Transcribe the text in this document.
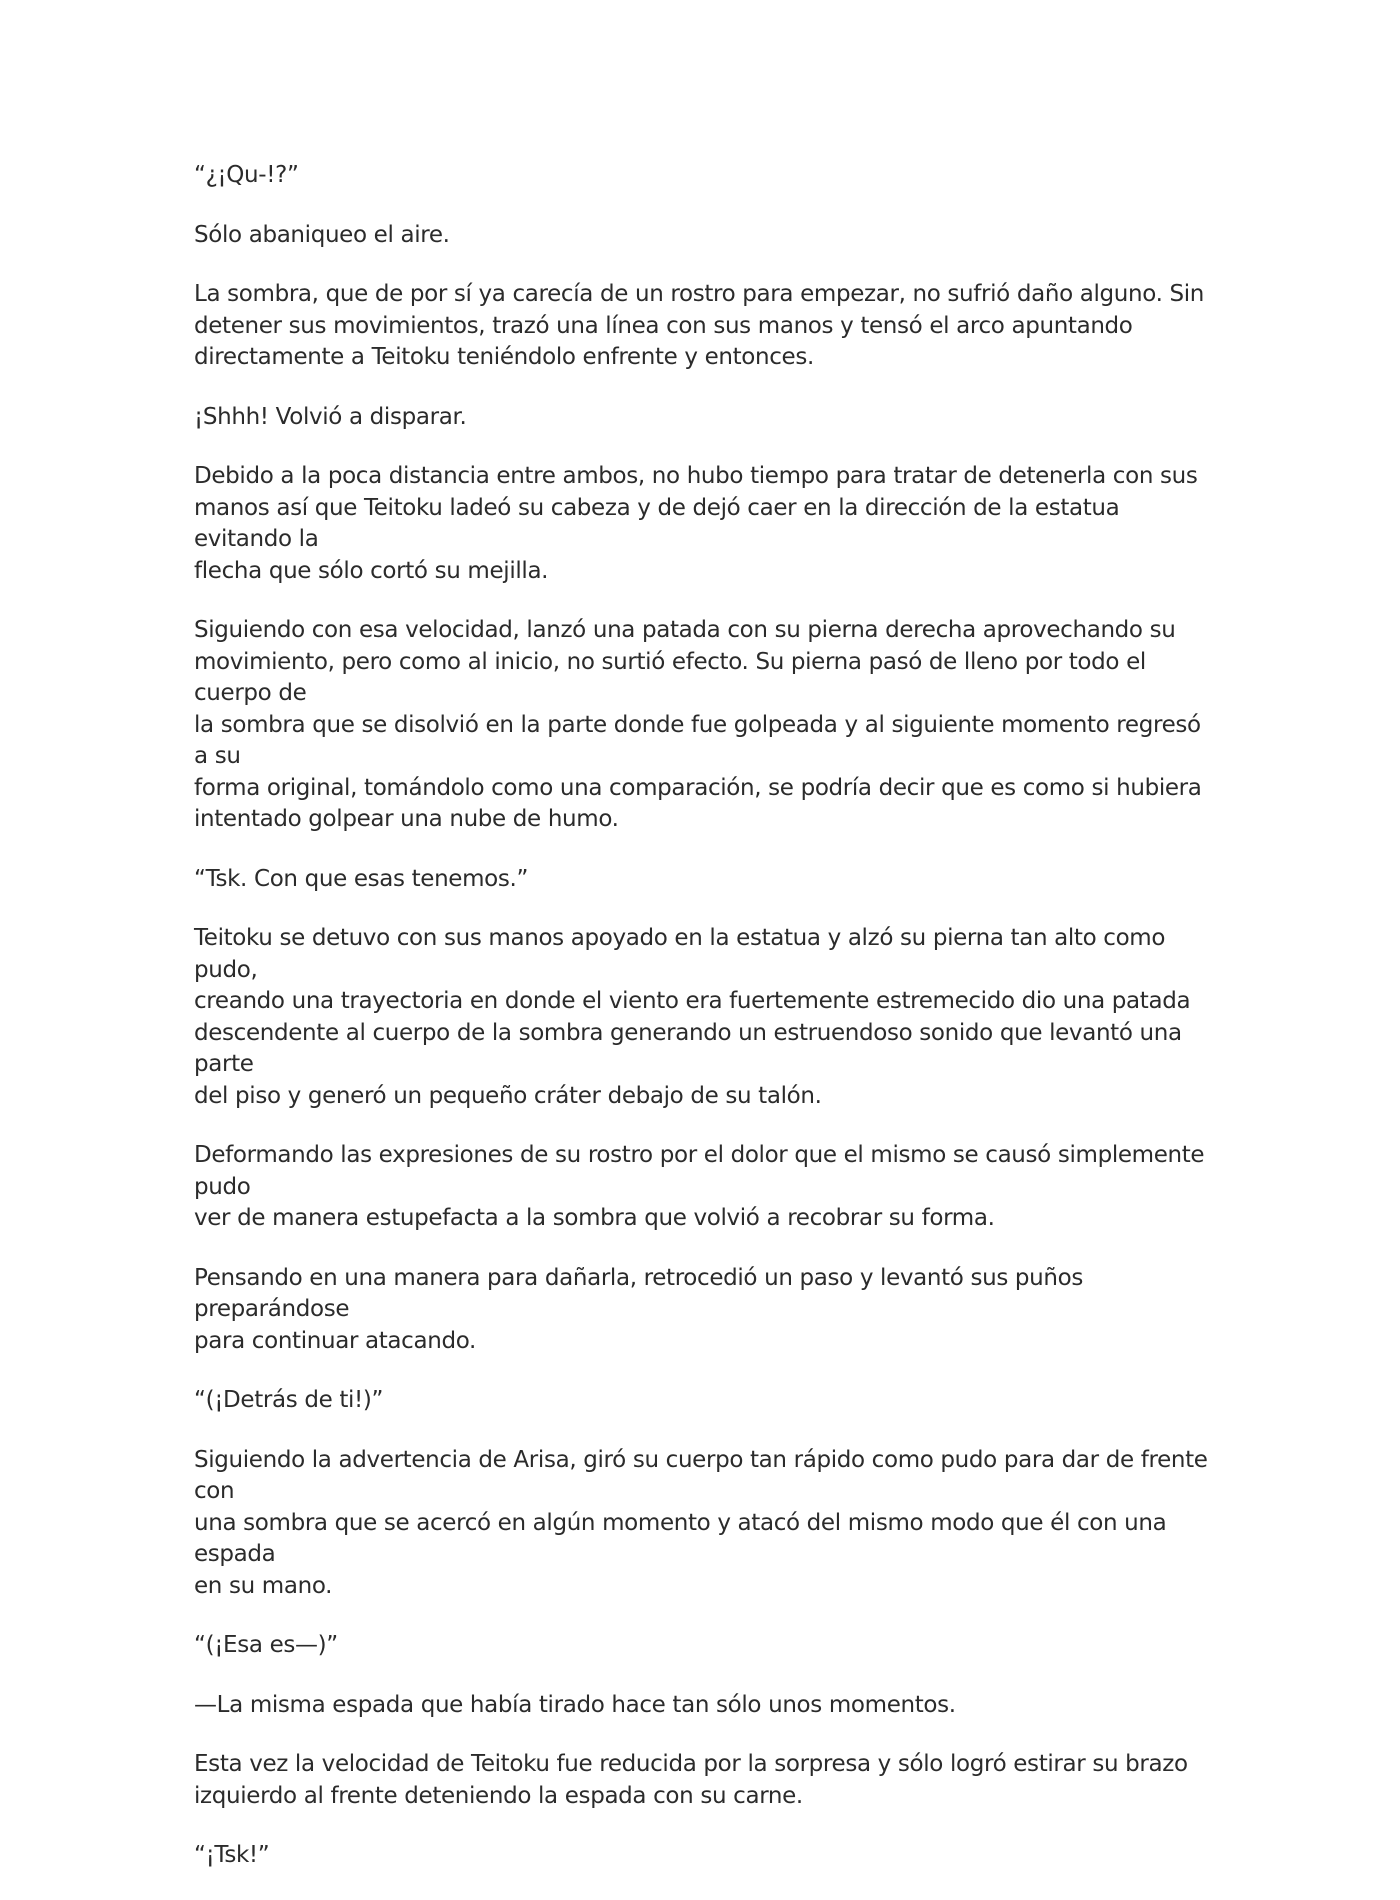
“¿¡Qu-!?”

Sólo abaniqueo el aire.

La sombra, que de por sí ya carecía de un rostro para empezar, no sufrió daño alguno. Sin
detener sus movimientos, trazó una línea con sus manos y tensó el arco apuntando
directamente a Teitoku teniéndolo enfrente y entonces.

¡Shhh! Volvió a disparar.

Debido a la poca distancia entre ambos, no hubo tiempo para tratar de detenerla con sus
manos así que Teitoku ladeó su cabeza y de dejó caer en la dirección de la estatua evitando la
flecha que sólo cortó su mejilla.

Siguiendo con esa velocidad, lanzó una patada con su pierna derecha aprovechando su
movimiento, pero como al inicio, no surtió efecto. Su pierna pasó de lleno por todo el cuerpo de
la sombra que se disolvió en la parte donde fue golpeada y al siguiente momento regresó a su
forma original, tomándolo como una comparación, se podría decir que es como si hubiera
intentado golpear una nube de humo.

“Tsk. Con que esas tenemos.”

Teitoku se detuvo con sus manos apoyado en la estatua y alzó su pierna tan alto como pudo,
creando una trayectoria en donde el viento era fuertemente estremecido dio una patada
descendente al cuerpo de la sombra generando un estruendoso sonido que levantó una parte
del piso y generó un pequeño cráter debajo de su talón.

Deformando las expresiones de su rostro por el dolor que el mismo se causó simplemente pudo
ver de manera estupefacta a la sombra que volvió a recobrar su forma.

Pensando en una manera para dañarla, retrocedió un paso y levantó sus puños preparándose
para continuar atacando.

“(¡Detrás de ti!)”

Siguiendo la advertencia de Arisa, giró su cuerpo tan rápido como pudo para dar de frente con
una sombra que se acercó en algún momento y atacó del mismo modo que él con una espada
en su mano.

“(¡Esa es—)”

—La misma espada que había tirado hace tan sólo unos momentos.

Esta vez la velocidad de Teitoku fue reducida por la sorpresa y sólo logró estirar su brazo
izquierdo al frente deteniendo la espada con su carne.

“¡Tsk!”
